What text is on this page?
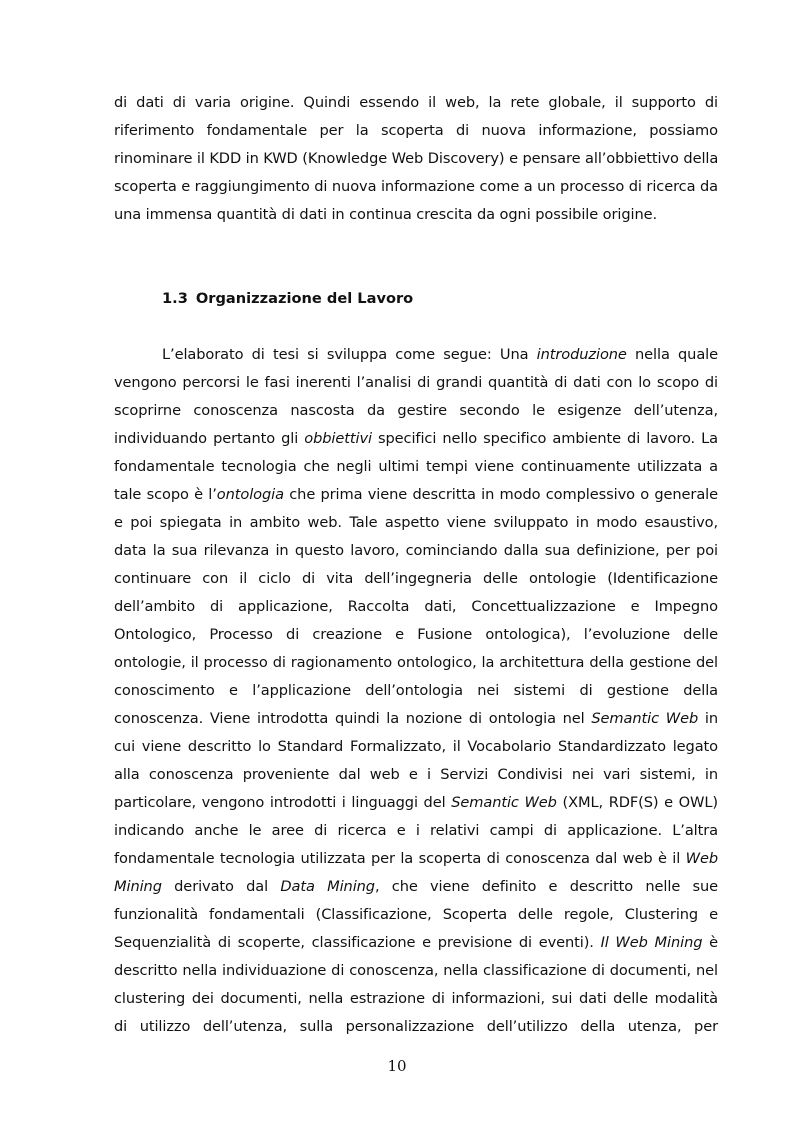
di dati di varia origine. Quindi essendo il web, la rete globale, il supporto di
riferimento fondamentale per la scoperta di nuova informazione, possiamo
rinominare il KDD in KWD (Knowledge Web Discovery) e pensare all’obbiettivo della
scoperta e raggiungimento di nuova informazione come a un processo di ricerca da
una immensa quantità di dati in continua crescita da ogni possibile origine.
1.3 Organizzazione del Lavoro
L’elaborato di tesi si sviluppa come segue: Una introduzione nella quale
vengono percorsi le fasi inerenti l’analisi di grandi quantità di dati con lo scopo di
scoprirne conoscenza nascosta da gestire secondo le esigenze dell’utenza,
individuando pertanto gli obbiettivi specifici nello specifico ambiente di lavoro. La
fondamentale tecnologia che negli ultimi tempi viene continuamente utilizzata a
tale scopo è l’ontologia che prima viene descritta in modo complessivo o generale
e poi spiegata in ambito web. Tale aspetto viene sviluppato in modo esaustivo,
data la sua rilevanza in questo lavoro, cominciando dalla sua definizione, per poi
continuare con il ciclo di vita dell’ingegneria delle ontologie (Identificazione
dell’ambito di applicazione, Raccolta dati, Concettualizzazione e Impegno
Ontologico, Processo di creazione e Fusione ontologica), l’evoluzione delle
ontologie, il processo di ragionamento ontologico, la architettura della gestione del
conoscimento e l’applicazione dell’ontologia nei sistemi di gestione della
conoscenza. Viene introdotta quindi la nozione di ontologia nel Semantic Web in
cui viene descritto lo Standard Formalizzato, il Vocabolario Standardizzato legato
alla conoscenza proveniente dal web e i Servizi Condivisi nei vari sistemi, in
particolare, vengono introdotti i linguaggi del Semantic Web (XML, RDF(S) e OWL)
indicando anche le aree di ricerca e i relativi campi di applicazione. L’altra
fondamentale tecnologia utilizzata per la scoperta di conoscenza dal web è il Web
Mining derivato dal Data Mining, che viene definito e descritto nelle sue
funzionalità fondamentali (Classificazione, Scoperta delle regole, Clustering e
Sequenzialità di scoperte, classificazione e previsione di eventi). Il Web Mining è
descritto nella individuazione di conoscenza, nella classificazione di documenti, nel
clustering dei documenti, nella estrazione di informazioni, sui dati delle modalità
di utilizzo dell’utenza, sulla personalizzazione dell’utilizzo della utenza, per
10
